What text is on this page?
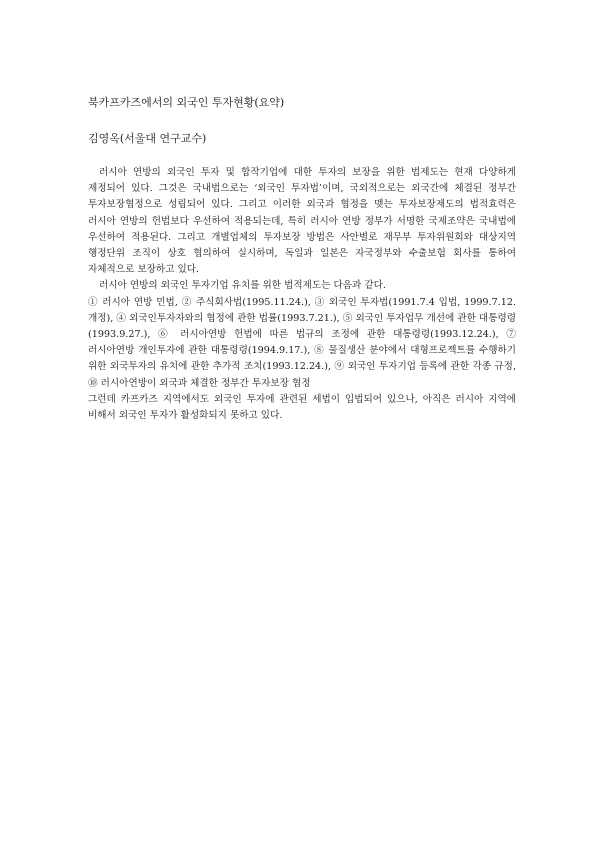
북카프카즈에서의 외국인 투자현황(요약)
김영옥(서울대 연구교수)

러시아 연방의 외국인 투자 및 합작기업에 대한 투자의 보장을 위한 법제도는 현재 다양하게 제정되어 있다. 그것은 국내법으로는 ‘외국인 투자법’이며, 국외적으로는 외국간에 체결된 정부간 투자보장협정으로 성립되어 있다. 그리고 이러한 외국과 협정을 맺는 투자보장제도의 법적효력은 러시아 연방의 헌법보다 우선하여 적용되는데, 특히 러시아 연방 정부가 서명한 국제조약은 국내법에 우선하여 적용된다. 그리고 개별업체의 투자보장 방법은 사안별로 재무부 투자위원회와 대상지역 행정단위 조직이 상호 협의하여 실시하며, 독일과 일본은 자국정부와 수출보험 회사를 통하여 자체적으로 보장하고 있다.

러시아 연방의 외국인 투자기업 유치를 위한 법적제도는 다음과 같다.

① 러시아 연방 민법, ② 주식회사법(1995.11.24.), ③ 외국인 투자법(1991.7.4 입법, 1999.7.12. 개정), ④ 외국인투자자와의 협정에 관한 법률(1993.7.21.), ⑤ 외국인 투자업무 개선에 관한 대통령령(1993.9.27.), ⑥ 러시아연방 헌법에 따른 법규의 조정에 관한 대통령령(1993.12.24.), ⑦ 러시아연방 개인투자에 관한 대통령령(1994.9.17.), ⑧ 물질생산 분야에서 대형프로젝트를 수행하기 위한 외국투자의 유치에 관한 추가적 조치(1993.12.24.), ⑨ 외국인 투자기업 등록에 관한 각종 규정, ⑩ 러시아연방이 외국과 체결한 정부간 투자보장 협정

그런데 카프카즈 지역에서도 외국인 투자에 관련된 세법이 입법되어 있으나, 아직은 러시아 지역에 비해서 외국인 투자가 활성화되지 못하고 있다.
